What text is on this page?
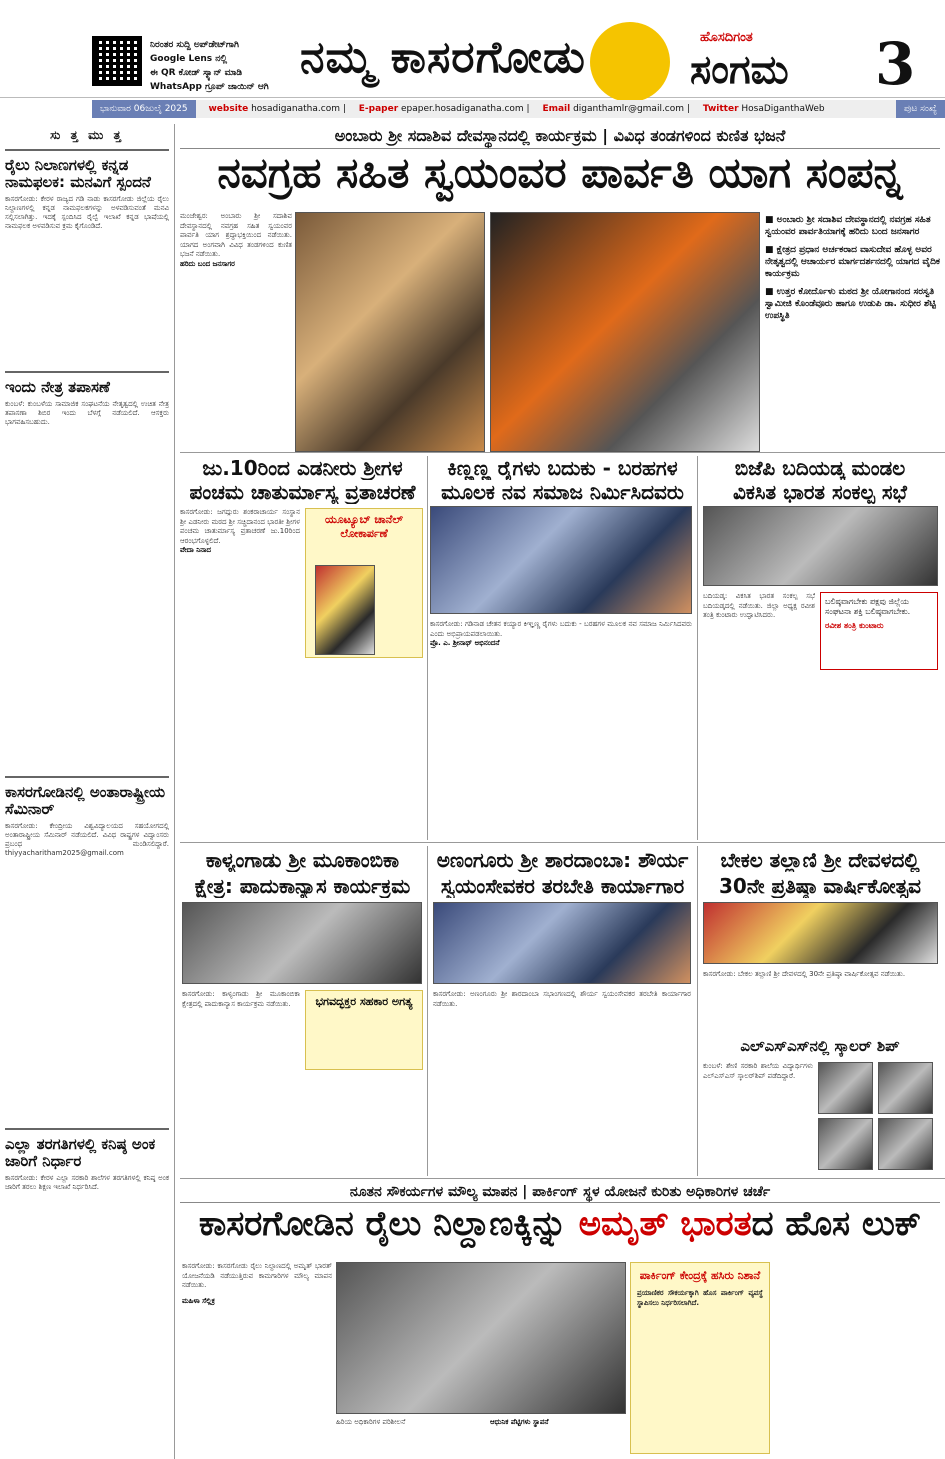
ನಿರಂತರ ಸುದ್ದಿ ಅಪ್‌ಡೇಟ್‌ಗಾಗಿ
Google Lens ನಲ್ಲಿ
ಈ QR ಕೋಡ್ ಸ್ಕ್ಯಾನ್ ಮಾಡಿ
WhatsApp ಗ್ರೂಪ್ ಜಾಯಿನ್ ಆಗಿ
ನಮ್ಮ ಕಾಸರಗೋಡು	ಹೊಸದಿಗಂತ
ಸಂಗಮ 3
ಭಾನುವಾರ 06ಜುಲೈ 2025 website hosadiganatha.com | E-paper epaper.hosadiganatha.com | Email diganthamlr@gmail.com | Twitter HosaDiganthaWeb	ಪುಟ ಸಂಖ್ಯೆ
ಸು ತ್ತ ಮು ತ್ತ
ರೈಲು ನಿಲಾಣಗಳಲ್ಲಿ ಕನ್ನಡ ನಾಮಫಲಕ: ಮನವಿಗೆ ಸ್ಪಂದನೆ
ಕಾಸರಗೋಡು: ಕೇರಳ ರಾಜ್ಯದ ಗಡಿ ನಾಡು ಕಾಸರಗೋಡು ಜಿಲ್ಲೆಯ ರೈಲು ನಿಲ್ದಾಣಗಳಲ್ಲಿ ಕನ್ನಡ ನಾಮಫಲಕಗಳನ್ನು ಅಳವಡಿಸುವಂತೆ ಮನವಿ ಸಲ್ಲಿಸಲಾಗಿತ್ತು. ಇದಕ್ಕೆ ಸ್ಪಂದಿಸಿದ ರೈಲ್ವೆ ಇಲಾಖೆ ಕನ್ನಡ ಭಾಷೆಯಲ್ಲಿ ನಾಮಫಲಕ ಅಳವಡಿಸುವ ಕ್ರಮ ಕೈಗೊಂಡಿದೆ.
ಇಂದು ನೇತ್ರ ತಪಾಸಣೆ
ಕುಂಬಳೆ: ಕುಂಬಳೆಯ ಸಾಮಾಜಿಕ ಸಂಘಟನೆಯ ನೇತೃತ್ವದಲ್ಲಿ ಉಚಿತ ನೇತ್ರ ತಪಾಸಣಾ ಶಿಬಿರ ಇಂದು ಬೆಳಗ್ಗೆ ನಡೆಯಲಿದೆ. ಆಸಕ್ತರು ಭಾಗವಹಿಸಬಹುದು.
ಕಾಸರಗೋಡಿನಲ್ಲಿ ಅಂತಾರಾಷ್ಟ್ರೀಯ ಸೆಮಿನಾರ್
ಕಾಸರಗೋಡು: ಕೇಂದ್ರೀಯ ವಿಶ್ವವಿದ್ಯಾಲಯದ ಸಹಯೋಗದಲ್ಲಿ ಅಂತಾರಾಷ್ಟ್ರೀಯ ಸೆಮಿನಾರ್ ನಡೆಯಲಿದೆ. ವಿವಿಧ ರಾಷ್ಟ್ರಗಳ ವಿದ್ವಾಂಸರು ಪ್ರಬಂಧ ಮಂಡಿಸಲಿದ್ದಾರೆ. thiyyacharitham2025@gmail.com
ಎಲ್ಲಾ ತರಗತಿಗಳಲ್ಲಿ ಕನಿಷ್ಠ ಅಂಕ ಜಾರಿಗೆ ನಿರ್ಧಾರ
ಕಾಸರಗೋಡು: ಕೇರಳ ಎಲ್ಲಾ ಸರಕಾರಿ ಶಾಲೆಗಳ ತರಗತಿಗಳಲ್ಲಿ ಕನಿಷ್ಠ ಅಂಕ ಜಾರಿಗೆ ತರಲು ಶಿಕ್ಷಣ ಇಲಾಖೆ ನಿರ್ಧರಿಸಿದೆ.
ಅಂಬಾರು ಶ್ರೀ ಸದಾಶಿವ ದೇವಸ್ಥಾನದಲ್ಲಿ ಕಾರ್ಯಕ್ರಮ | ವಿವಿಧ ತಂಡಗಳಿಂದ ಕುಣಿತ ಭಜನೆ
ನವಗ್ರಹ ಸಹಿತ ಸ್ವಯಂವರ ಪಾರ್ವತಿ ಯಾಗ ಸಂಪನ್ನ
ಮಂಜೇಶ್ವರ: ಅಂಬಾರು ಶ್ರೀ ಸದಾಶಿವ ದೇವಸ್ಥಾನದಲ್ಲಿ ನವಗ್ರಹ ಸಹಿತ ಸ್ವಯಂವರ ಪಾರ್ವತಿ ಯಾಗ ಶ್ರದ್ಧಾಭಕ್ತಿಯಿಂದ ನಡೆಯಿತು. ಯಾಗದ ಅಂಗವಾಗಿ ವಿವಿಧ ತಂಡಗಳಿಂದ ಕುಣಿತ ಭಜನೆ ನಡೆಯಿತು.
ಹರಿದು ಬಂದ ಜನಸಾಗರ
■ ಅಂಬಾರು ಶ್ರೀ ಸದಾಶಿವ ದೇವಸ್ಥಾನದಲ್ಲಿ ನವಗ್ರಹ ಸಹಿತ ಸ್ವಯಂವರ ಪಾರ್ವತಿಯಾಗಕ್ಕೆ ಹರಿದು ಬಂದ ಜನಸಾಗರ
■ ಕ್ಷೇತ್ರದ ಪ್ರಧಾನ ಅರ್ಚಕರಾದ ವಾಸುದೇವ ಹೊಳ್ಳ ಅವರ ನೇತೃತ್ವದಲ್ಲಿ ಆಚಾರ್ಯರ ಮಾರ್ಗದರ್ಶನದಲ್ಲಿ ಯಾಗದ ವೈದಿಕ ಕಾರ್ಯಕ್ರಮ
■ ಉತ್ತರ ಕೋರ್ದೊಳು ಮಠದ ಶ್ರೀ ಯೋಗಾನಂದ ಸರಸ್ವತಿ ಸ್ವಾಮೀಜಿ ಕೊಂಡೆವೂರು ಹಾಗೂ ಉಡುಪಿ ಡಾ. ಸುಧೀರ ಶೆಟ್ಟಿ ಉಪಸ್ಥಿತಿ
ಜು.10ರಿಂದ ಎಡನೀರು ಶ್ರೀಗಳ
ಪಂಚಮ ಚಾತುರ್ಮಾಸ್ಯ ವ್ರತಾಚರಣೆ
ಕಾಸರಗೋಡು: ಜಗದ್ಗುರು ಶಂಕರಾಚಾರ್ಯ ಸಂಸ್ಥಾನ ಶ್ರೀ ಎಡನೀರು ಮಠದ ಶ್ರೀ ಸಚ್ಚಿದಾನಂದ ಭಾರತೀ ಶ್ರೀಗಳ ಪಂಚಮ ಚಾತುರ್ಮಾಸ್ಯ ವ್ರತಾಚರಣೆ ಜು.10ರಿಂದ ಆರಂಭಗೊಳ್ಳಲಿದೆ.
ವೇದಾ ನಿನಾದ
ಯೂಟ್ಯೂಬ್ ಚಾನೆಲ್ ಲೋಕಾರ್ಪಣೆ
ಕಿಣ್ಣಣ್ಣ ರೈಗಳು ಬದುಕು - ಬರಹಗಳ
ಮೂಲಕ ನವ ಸಮಾಜ ನಿರ್ಮಿಸಿದವರು
ಕಾಸರಗೋಡು: ಗಡಿನಾಡ ಚೇತನ ಕಯ್ಯಾರ ಕಿಞ್ಞಣ್ಣ ರೈಗಳು ಬದುಕು - ಬರಹಗಳ ಮೂಲಕ ನವ ಸಮಾಜ ನಿರ್ಮಿಸಿದವರು ಎಂದು ಅಭಿಪ್ರಾಯಪಡಲಾಯಿತು.
ಪ್ರೊ. ಎ. ಶ್ರೀನಾಥ್ ಅಭಿನಂದನೆ
ಬಿಜೆಪಿ ಬದಿಯಡ್ಕ ಮಂಡಲ
ವಿಕಸಿತ ಭಾರತ ಸಂಕಲ್ಪ ಸಭೆ
ಬದಿಯಡ್ಕ: ವಿಕಸಿತ ಭಾರತ ಸಂಕಲ್ಪ ಸಭೆ ಬದಿಯಡ್ಕದಲ್ಲಿ ನಡೆಯಿತು. ಜಿಲ್ಲಾ ಅಧ್ಯಕ್ಷ ರವೀಶ ತಂತ್ರಿ ಕುಂಟಾರು ಉದ್ಘಾಟಿಸಿದರು.
ಬಲಿಷ್ಠವಾಗಬೇಕು ಪಕ್ಷವು ಜಿಲ್ಲೆಯ ಸಂಘಟನಾ ಶಕ್ತಿ ಬಲಿಷ್ಠವಾಗಬೇಕು.
ರವೀಶ ತಂತ್ರಿ ಕುಂಟಾರು
ಕಾಳ್ಯಂಗಾಡು ಶ್ರೀ ಮೂಕಾಂಬಿಕಾ
ಕ್ಷೇತ್ರ: ಪಾದುಕಾನ್ಯಾಸ ಕಾರ್ಯಕ್ರಮ
ಕಾಸರಗೋಡು: ಕಾಳ್ಯಂಗಾಡು ಶ್ರೀ ಮೂಕಾಂಬಿಕಾ ಕ್ಷೇತ್ರದಲ್ಲಿ ಪಾದುಕಾನ್ಯಾಸ ಕಾರ್ಯಕ್ರಮ ನಡೆಯಿತು.	ಭಗವದ್ಭಕ್ತರ ಸಹಕಾರ ಅಗತ್ಯ
ಅಣಂಗೂರು ಶ್ರೀ ಶಾರದಾಂಬಾ: ಶೌರ್ಯ
ಸ್ವಯಂಸೇವಕರ ತರಬೇತಿ ಕಾರ್ಯಾಗಾರ
ಕಾಸರಗೋಡು: ಅಣಂಗೂರು ಶ್ರೀ ಶಾರದಾಂಬಾ ಸಭಾಂಗಣದಲ್ಲಿ ಶೌರ್ಯ ಸ್ವಯಂಸೇವಕರ ತರಬೇತಿ ಕಾರ್ಯಾಗಾರ ನಡೆಯಿತು.
ಬೇಕಲ ತಲ್ಲಾಣಿ ಶ್ರೀ ದೇವಳದಲ್ಲಿ
30ನೇ ಪ್ರತಿಷ್ಠಾ ವಾರ್ಷಿಕೋತ್ಸವ
ಕಾಸರಗೋಡು: ಬೇಕಲ ತಲ್ಲಾಣಿ ಶ್ರೀ ದೇವಳದಲ್ಲಿ 30ನೇ ಪ್ರತಿಷ್ಠಾ ವಾರ್ಷಿಕೋತ್ಸವ ನಡೆಯಿತು.
ಎಲ್‌ಎಸ್‌ಎಸ್‌ನಲ್ಲಿ ಸ್ಕಾಲರ್ ಶಿಪ್
ಕುಂಬಳೆ: ಶೇಣಿ ಸರಕಾರಿ ಶಾಲೆಯ ವಿದ್ಯಾರ್ಥಿಗಳು ಎಲ್‌ಎಸ್‌ಎಸ್ ಸ್ಕಾಲರ್‌ಶಿಪ್ ಪಡೆದಿದ್ದಾರೆ.
ನೂತನ ಸೌಕರ್ಯಗಳ ಮೌಲ್ಯ ಮಾಪನ | ಪಾರ್ಕಿಂಗ್ ಸ್ಥಳ ಯೋಜನೆ ಕುರಿತು ಅಧಿಕಾರಿಗಳ ಚರ್ಚೆ
ಕಾಸರಗೋಡಿನ ರೈಲು ನಿಲ್ದಾಣಕ್ಕಿನ್ನು ಅಮೃತ್ ಭಾರತದ ಹೊಸ ಲುಕ್
ಕಾಸರಗೋಡು: ಕಾಸರಗೋಡು ರೈಲು ನಿಲ್ದಾಣದಲ್ಲಿ ಅಮೃತ್ ಭಾರತ್ ಯೋಜನೆಯಡಿ ನಡೆಯುತ್ತಿರುವ ಕಾಮಗಾರಿಗಳ ಮೌಲ್ಯ ಮಾಪನ ನಡೆಯಿತು.
ಮಹಿಳಾ ಸೆಲ್ಲಿಕ್ರ
ಹಿರಿಯ ಅಧಿಕಾರಿಗಳ ಪರಿಶೀಲನೆ	ಆಧುನಿಕ ಪೆಟ್ಟಿಗಳು ಸ್ಥಾಪನೆ
ಪಾರ್ಕಿಂಗ್ ಕೇಂದ್ರಕ್ಕೆ ಹಸಿರು ನಿಶಾನೆ
ಪ್ರಯಾಣಿಕರ ಸೌಕರ್ಯಕ್ಕಾಗಿ ಹೊಸ ಪಾರ್ಕಿಂಗ್ ವ್ಯವಸ್ಥೆ ಸ್ಥಾಪಿಸಲು ನಿರ್ಧರಿಸಲಾಗಿದೆ.
